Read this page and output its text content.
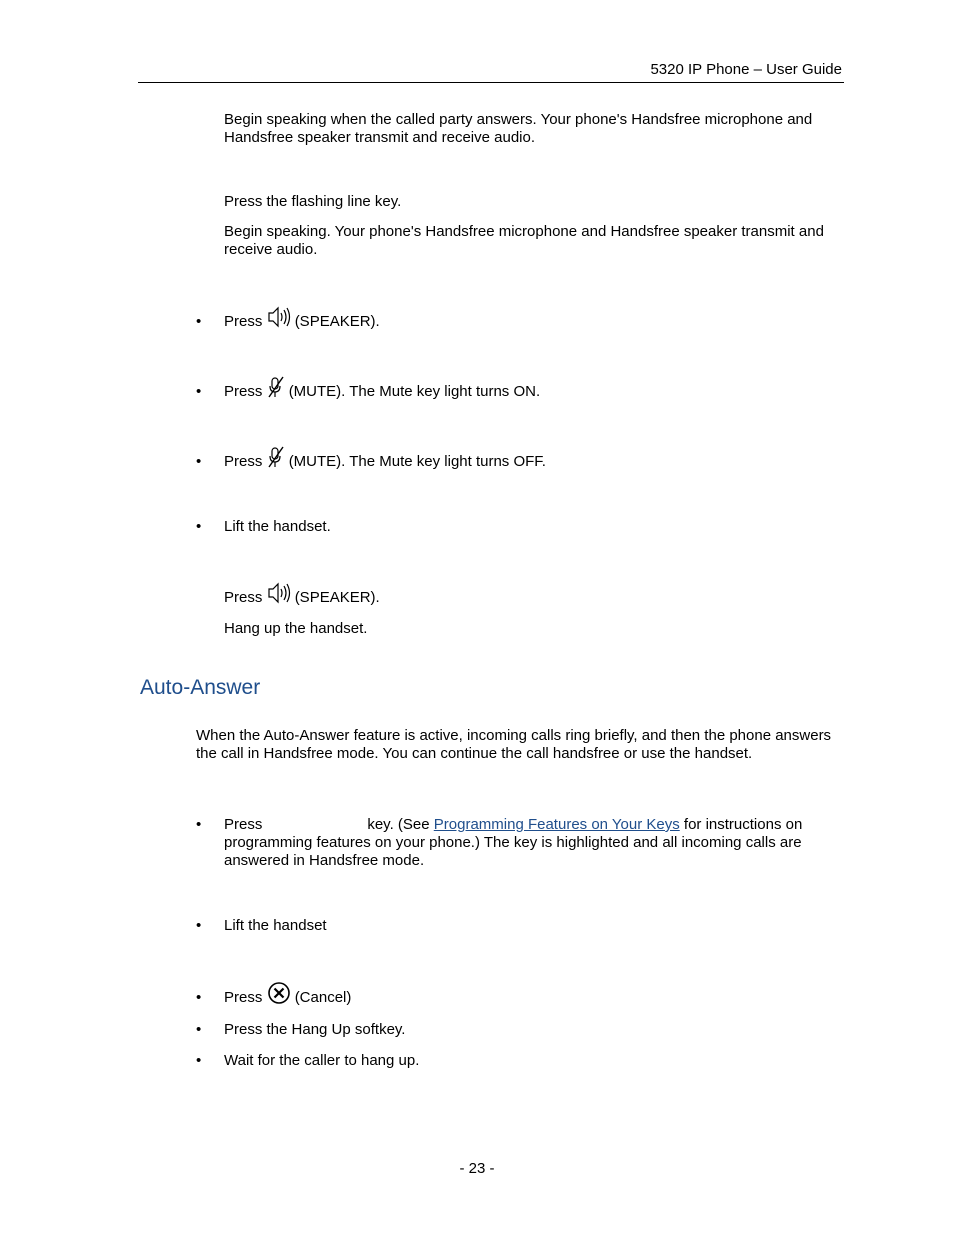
5320 IP Phone – User Guide
Begin speaking when the called party answers. Your phone's Handsfree microphone and Handsfree speaker transmit and receive audio.
Press the flashing line key.
Begin speaking. Your phone's Handsfree microphone and Handsfree speaker transmit and receive audio.
•	Press (SPEAKER).
•	Press (MUTE). The Mute key light turns ON.
•	Press (MUTE). The Mute key light turns OFF.
•	Lift the handset.
Press (SPEAKER).
Hang up the handset.
Auto-Answer
When the Auto-Answer feature is active, incoming calls ring briefly, and then the phone answers the call in Handsfree mode. You can continue the call handsfree or use the handset.
•	Press	key. (See Programming Features on Your Keys for instructions on
programming features on your phone.) The key is highlighted and all incoming calls are
answered in Handsfree mode.
•	Lift the handset
•	Press (Cancel)
•	Press the Hang Up softkey.
•	Wait for the caller to hang up.
- 23 -
